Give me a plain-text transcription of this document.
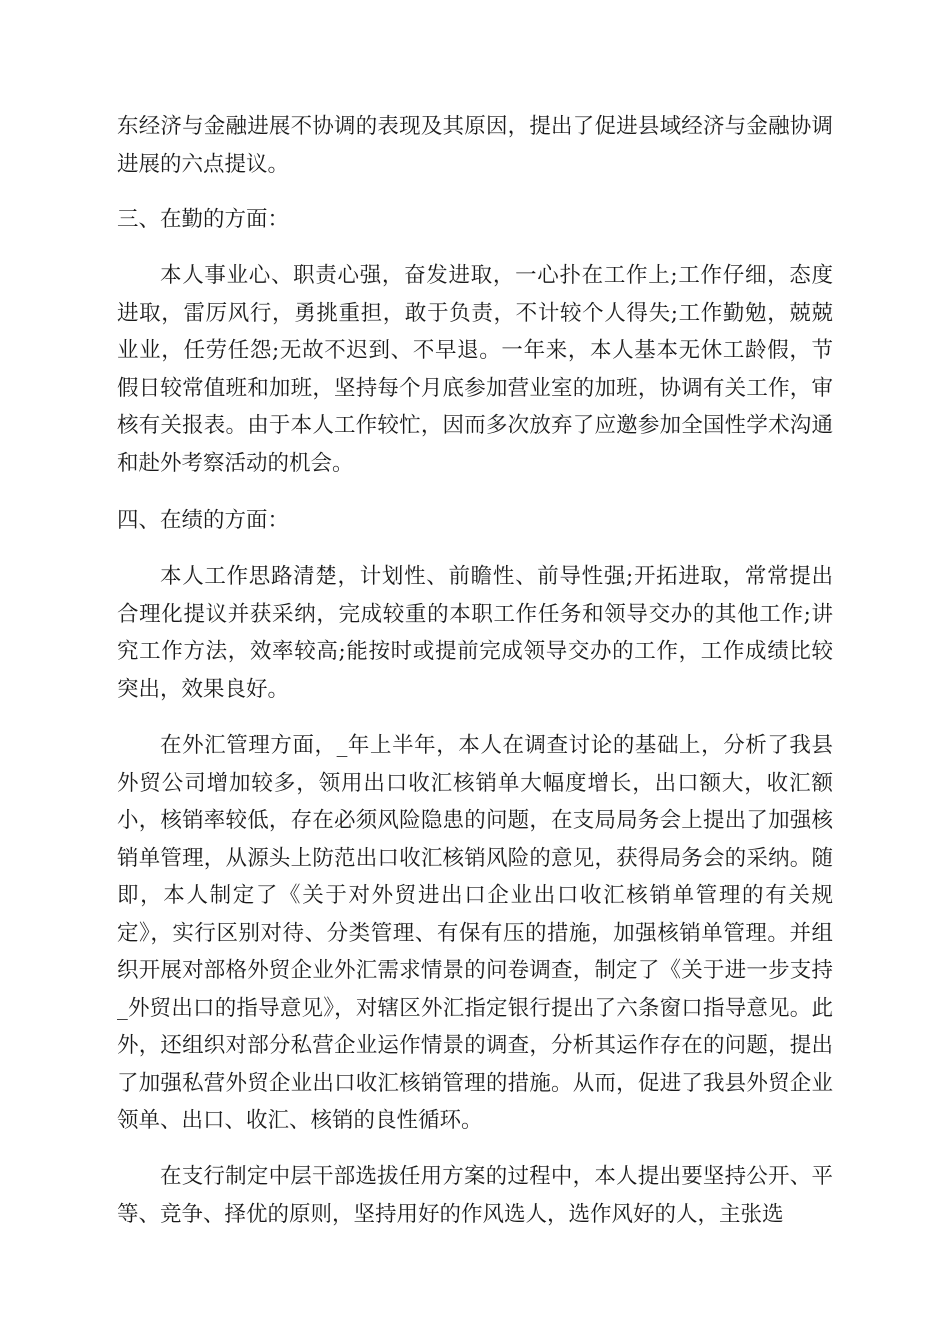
东经济与金融进展不协调的表现及其原因，提出了促进县域经济与金融协调进展的六点提议。

三、在勤的方面：

本人事业心、职责心强，奋发进取，一心扑在工作上;工作仔细，态度进取，雷厉风行，勇挑重担，敢于负责，不计较个人得失;工作勤勉，兢兢业业，任劳任怨;无故不迟到、不早退。一年来，本人基本无休工龄假，节假日较常值班和加班，坚持每个月底参加营业室的加班，协调有关工作，审核有关报表。由于本人工作较忙，因而多次放弃了应邀参加全国性学术沟通和赴外考察活动的机会。

四、在绩的方面：

本人工作思路清楚，计划性、前瞻性、前导性强;开拓进取，常常提出合理化提议并获采纳，完成较重的本职工作任务和领导交办的其他工作;讲究工作方法，效率较高;能按时或提前完成领导交办的工作，工作成绩比较突出，效果良好。

在外汇管理方面，_年上半年，本人在调查讨论的基础上，分析了我县外贸公司增加较多，领用出口收汇核销单大幅度增长，出口额大，收汇额小，核销率较低，存在必须风险隐患的问题，在支局局务会上提出了加强核销单管理，从源头上防范出口收汇核销风险的意见，获得局务会的采纳。随即，本人制定了《关于对外贸进出口企业出口收汇核销单管理的有关规定》，实行区别对待、分类管理、有保有压的措施，加强核销单管理。并组织开展对部格外贸企业外汇需求情景的问卷调查，制定了《关于进一步支持_外贸出口的指导意见》，对辖区外汇指定银行提出了六条窗口指导意见。此外，还组织对部分私营企业运作情景的调查，分析其运作存在的问题，提出了加强私营外贸企业出口收汇核销管理的措施。从而，促进了我县外贸企业领单、出口、收汇、核销的良性循环。

在支行制定中层干部选拔任用方案的过程中，本人提出要坚持公开、平等、竞争、择优的原则，坚持用好的作风选人，选作风好的人，主张选
